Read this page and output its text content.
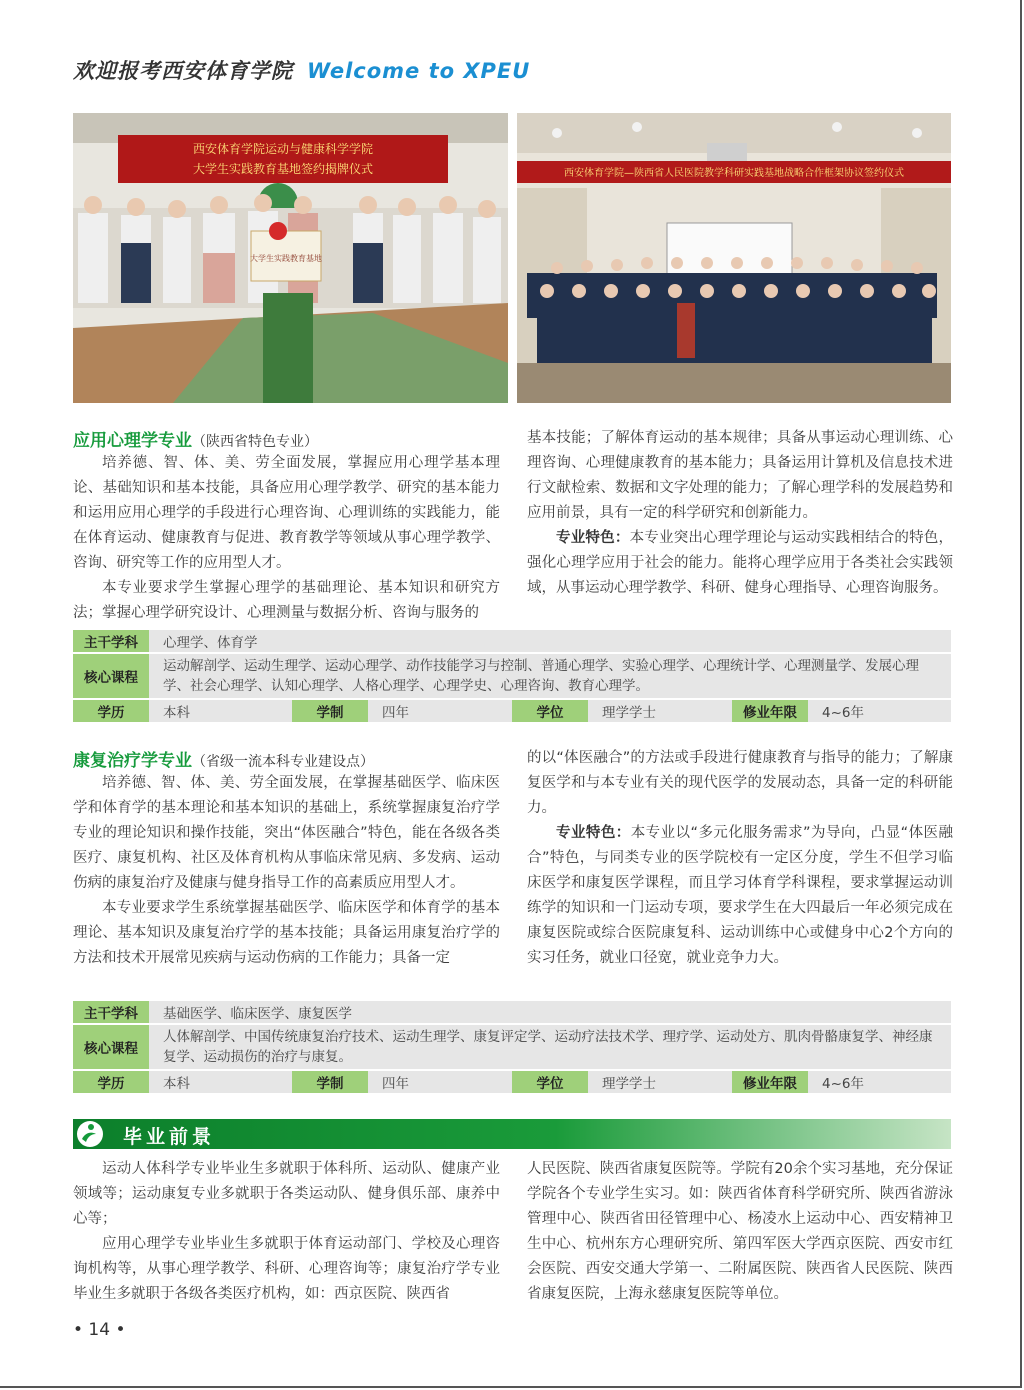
欢迎报考西安体育学院 Welcome to XPEU
西安体育学院运动与健康科学学院
大学生实践教育基地签约揭牌仪式
大学生实践教育基地
西安体育学院—陕西省人民医院教学科研实践基地战略合作框架协议签约仪式
应用心理学专业（陕西省特色专业）

培养德、智、体、美、劳全面发展，掌握应用心理学基本理论、基础知识和基本技能，具备应用心理学教学、研究的基本能力和运用应用心理学的手段进行心理咨询、心理训练的实践能力，能在体育运动、健康教育与促进、教育教学等领域从事心理学教学、咨询、研究等工作的应用型人才。

本专业要求学生掌握心理学的基础理论、基本知识和研究方法；掌握心理学研究设计、心理测量与数据分析、咨询与服务的

基本技能；了解体育运动的基本规律；具备从事运动心理训练、心理咨询、心理健康教育的基本能力；具备运用计算机及信息技术进行文献检索、数据和文字处理的能力；了解心理学科的发展趋势和应用前景，具有一定的科学研究和创新能力。

专业特色：本专业突出心理学理论与运动实践相结合的特色，强化心理学应用于社会的能力。能将心理学应用于各类社会实践领域，从事运动心理学教学、科研、健身心理指导、心理咨询服务。

主干学科	心理学、体育学						
核心课程	运动解剖学、运动生理学、运动心理学、动作技能学习与控制、普通心理学、实验心理学、心理统计学、心理测量学、发展心理学、社会心理学、认知心理学、人格心理学、心理学史、心理咨询、教育心理学。						
学历	本科	学制	四年	学位	理学学士	修业年限	4~6年
康复治疗学专业（省级一流本科专业建设点）

培养德、智、体、美、劳全面发展，在掌握基础医学、临床医学和体育学的基本理论和基本知识的基础上，系统掌握康复治疗学专业的理论知识和操作技能，突出“体医融合”特色，能在各级各类医疗、康复机构、社区及体育机构从事临床常见病、多发病、运动伤病的康复治疗及健康与健身指导工作的高素质应用型人才。

本专业要求学生系统掌握基础医学、临床医学和体育学的基本理论、基本知识及康复治疗学的基本技能；具备运用康复治疗学的方法和技术开展常见疾病与运动伤病的工作能力；具备一定

的以“体医融合”的方法或手段进行健康教育与指导的能力；了解康复医学和与本专业有关的现代医学的发展动态，具备一定的科研能力。

专业特色：本专业以“多元化服务需求”为导向，凸显“体医融合”特色，与同类专业的医学院校有一定区分度，学生不但学习临床医学和康复医学课程，而且学习体育学科课程，要求掌握运动训练学的知识和一门运动专项，要求学生在大四最后一年必须完成在康复医院或综合医院康复科、运动训练中心或健身中心2个方向的实习任务，就业口径宽，就业竞争力大。

主干学科	基础医学、临床医学、康复医学						
核心课程	人体解剖学、中国传统康复治疗技术、运动生理学、康复评定学、运动疗法技术学、理疗学、运动处方、肌肉骨骼康复学、神经康复学、运动损伤的治疗与康复。						
学历	本科	学制	四年	学位	理学学士	修业年限	4~6年
毕业前景

运动人体科学专业毕业生多就职于体科所、运动队、健康产业领域等；运动康复专业多就职于各类运动队、健身俱乐部、康养中心等；

应用心理学专业毕业生多就职于体育运动部门、学校及心理咨询机构等，从事心理学教学、科研、心理咨询等；康复治疗学专业毕业生多就职于各级各类医疗机构，如：西京医院、陕西省

人民医院、陕西省康复医院等。学院有20余个实习基地，充分保证学院各个专业学生实习。如：陕西省体育科学研究所、陕西省游泳管理中心、陕西省田径管理中心、杨凌水上运动中心、西安精神卫生中心、杭州东方心理研究所、第四军医大学西京医院、西安市红会医院、西安交通大学第一、二附属医院、陕西省人民医院、陕西省康复医院，上海永慈康复医院等单位。

• 14 •
